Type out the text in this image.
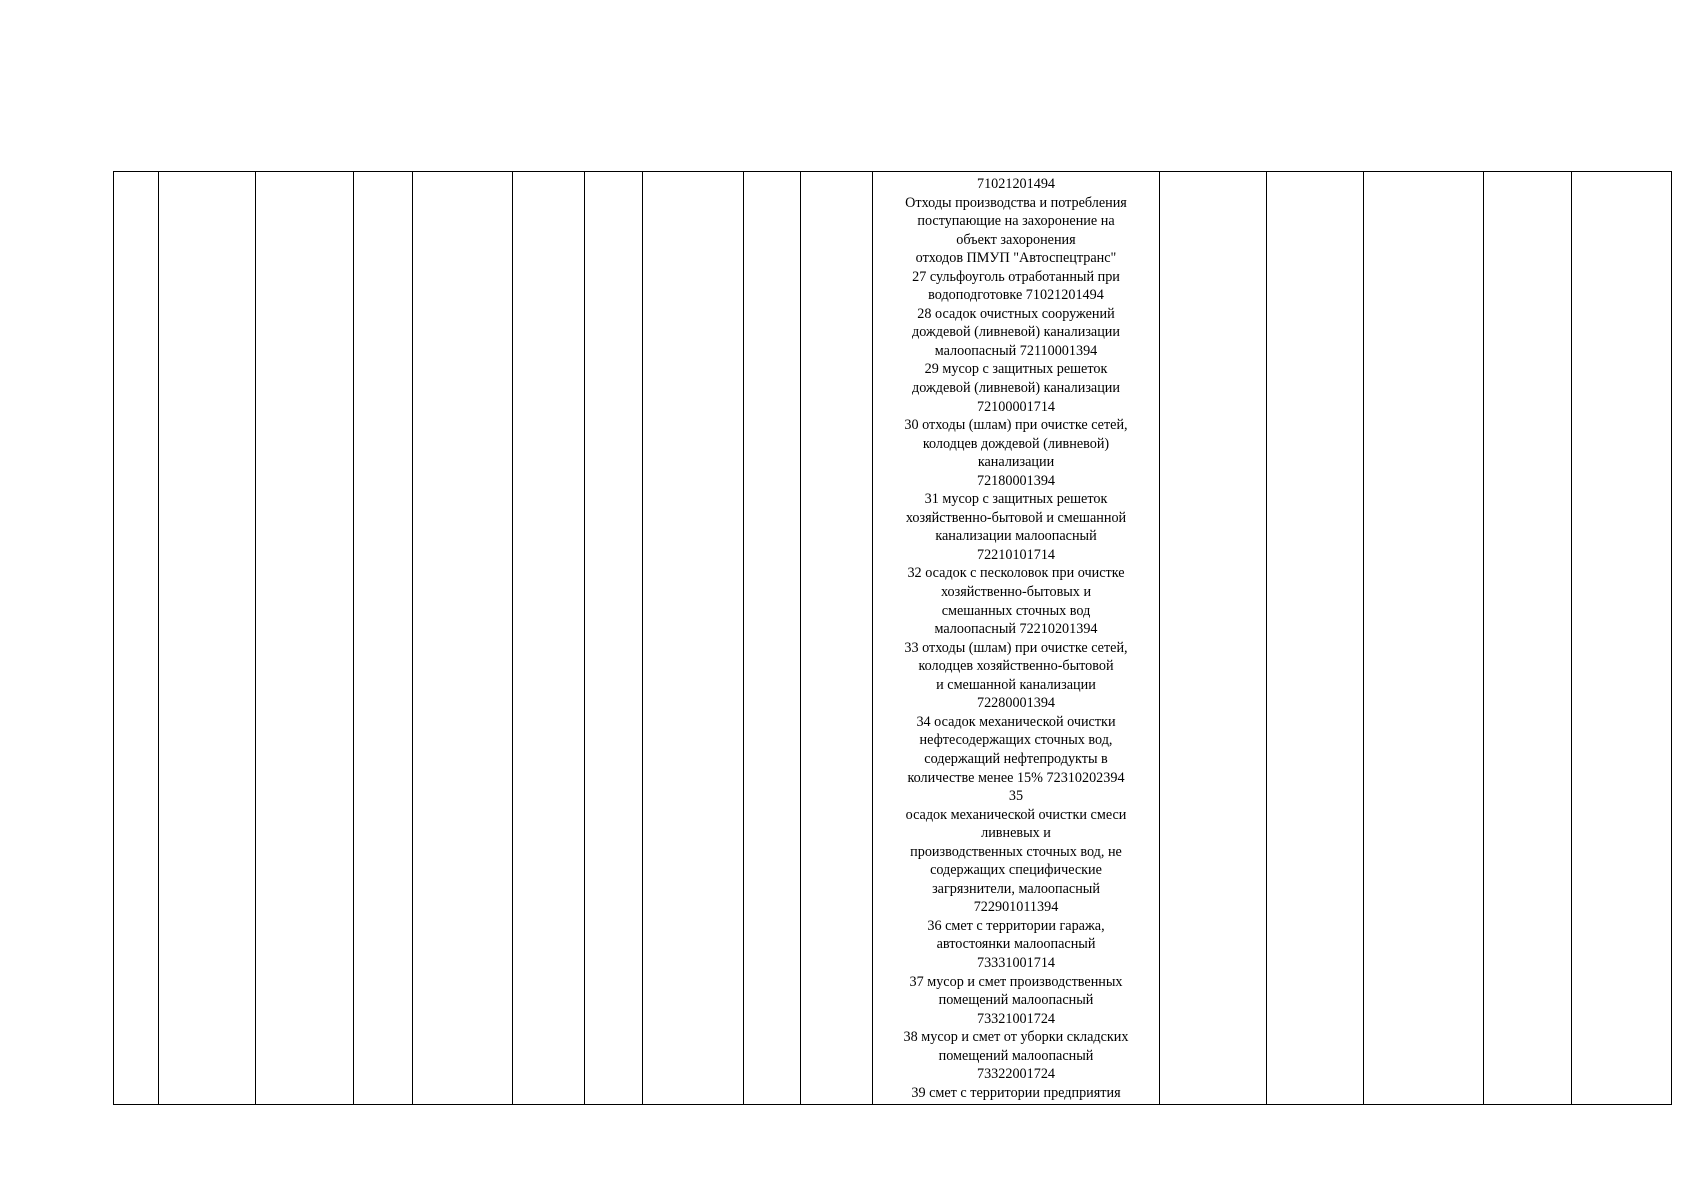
71021201494
Отходы производства и потребления
поступающие на захоронение на
объект захоронения
отходов ПМУП "Автоспецтранс"
27 сульфоуголь отработанный при
водоподготовке 71021201494
28 осадок очистных сооружений
дождевой (ливневой) канализации
малоопасный 72110001394
29 мусор с защитных решеток
дождевой (ливневой) канализации
72100001714
30 отходы (шлам) при очистке сетей,
колодцев дождевой (ливневой)
канализации
72180001394
31 мусор с защитных решеток
хозяйственно-бытовой и смешанной
канализации малоопасный
72210101714
32 осадок с песколовок при очистке
хозяйственно-бытовых и
смешанных сточных вод
малоопасный 72210201394
33 отходы (шлам) при очистке сетей,
колодцев хозяйственно-бытовой
и смешанной канализации
72280001394
34 осадок механической очистки
нефтесодержащих сточных вод,
содержащий нефтепродукты в
количестве менее 15% 72310202394
35
осадок механической очистки смеси
ливневых и
производственных сточных вод, не
содержащих специфические
загрязнители, малоопасный
722901011394
36 смет с территории гаража,
автостоянки малоопасный
73331001714
37 мусор и смет производственных
помещений малоопасный
73321001724
38 мусор и смет от уборки складских
помещений малоопасный
73322001724
39 смет с территории предприятия
